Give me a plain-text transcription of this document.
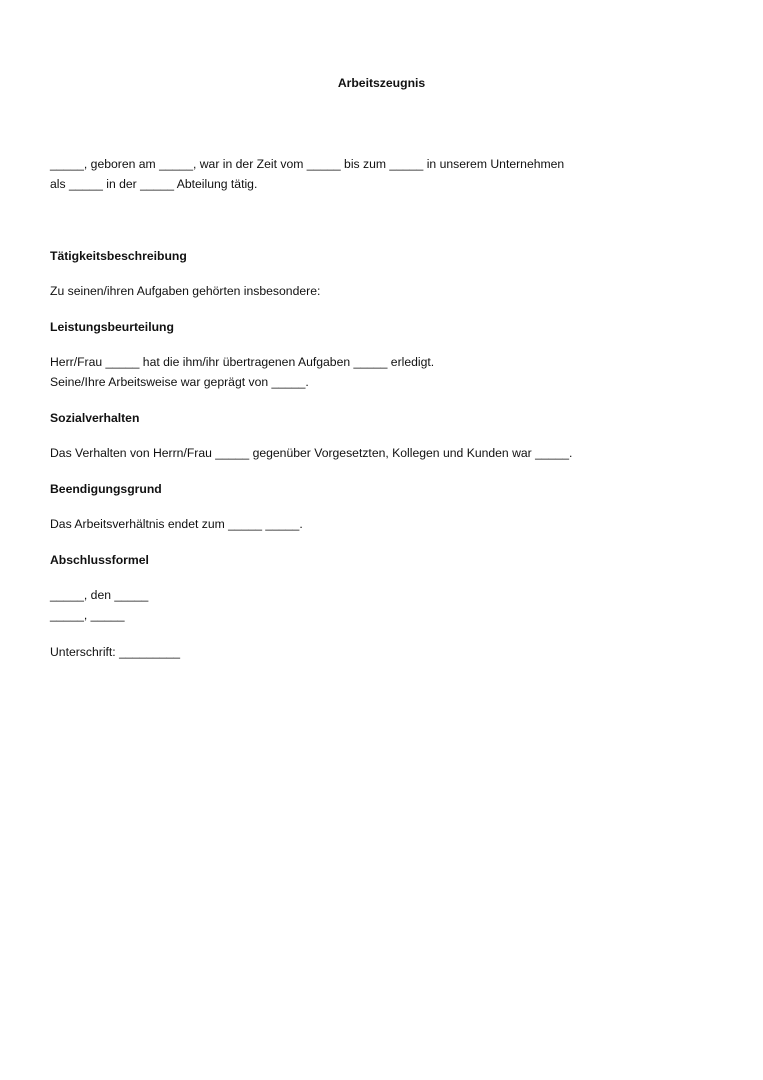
Arbeitszeugnis
_____, geboren am _____, war in der Zeit vom _____ bis zum _____ in unserem Unternehmen
als _____ in der _____ Abteilung tätig.
Tätigkeitsbeschreibung
Zu seinen/ihren Aufgaben gehörten insbesondere:
Leistungsbeurteilung
Herr/Frau _____ hat die ihm/ihr übertragenen Aufgaben _____ erledigt.
Seine/Ihre Arbeitsweise war geprägt von _____.
Sozialverhalten
Das Verhalten von Herrn/Frau _____ gegenüber Vorgesetzten, Kollegen und Kunden war _____.
Beendigungsgrund
Das Arbeitsverhältnis endet zum _____ _____.
Abschlussformel
_____, den _____
_____, _____
Unterschrift: _________
